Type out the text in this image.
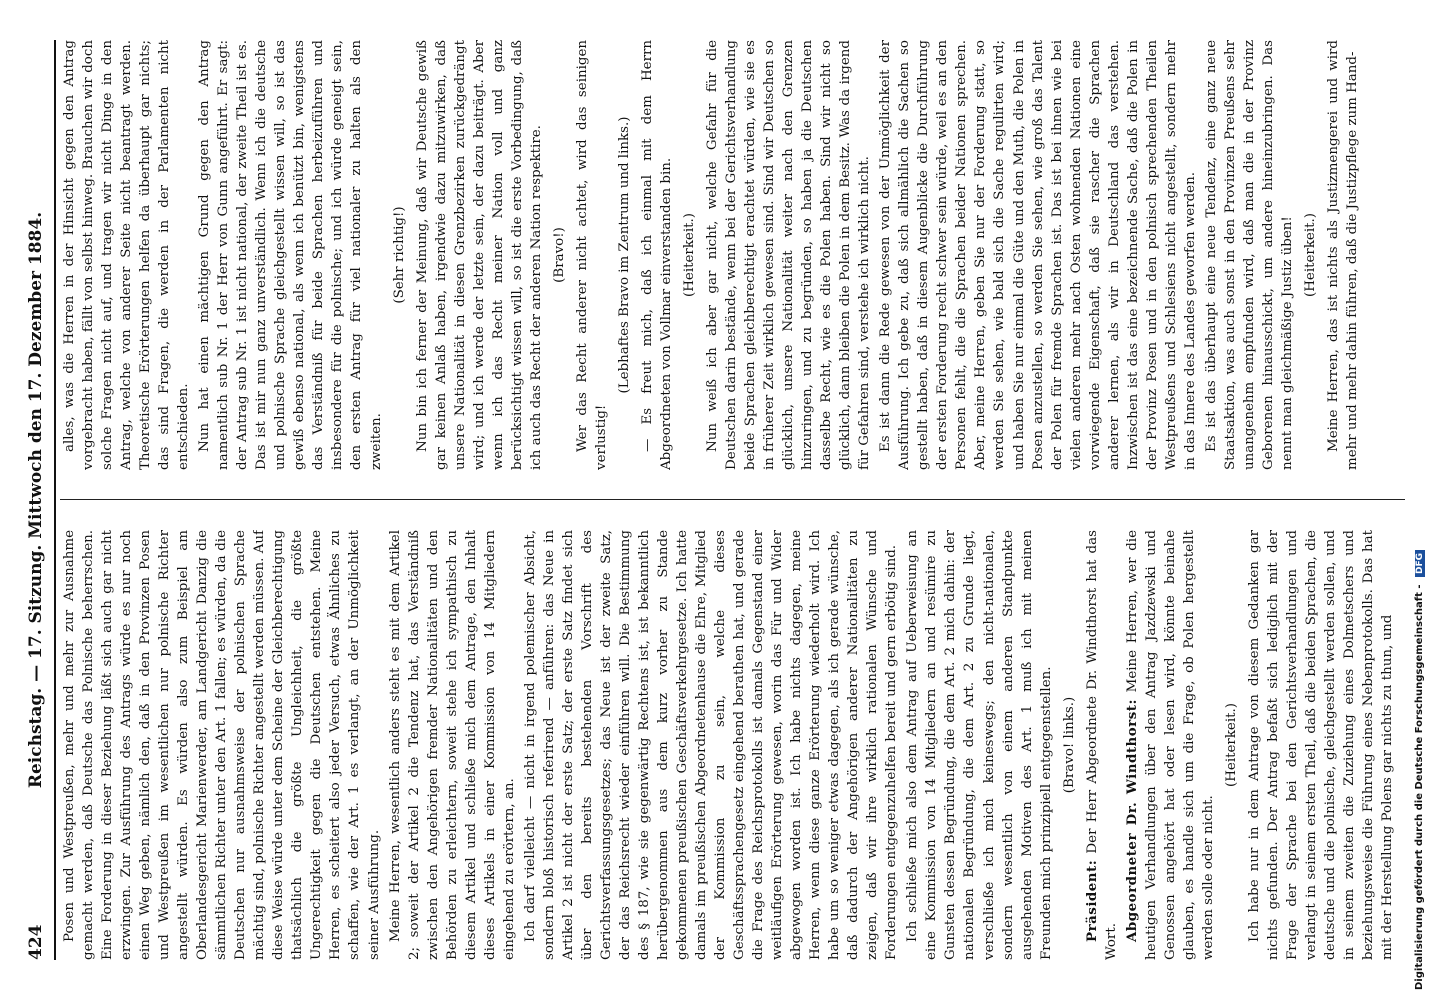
424
Reichstag. — 17. Sitzung. Mittwoch den 17. Dezember 1884. Posen und Westpreußen, mehr und mehr zur Ausnahme gemacht werden, daß Deutsche das Polnische beherrschen. Eine Forderung in dieser Beziehung läßt sich auch gar nicht erzwingen. Zur Ausführung des Antrags würde es nur noch einen Weg geben, nämlich den, daß in den Provinzen Posen und Westpreußen im wesentlichen nur polnische Richter angestellt würden. Es würden also zum Beispiel am Oberlandesgericht Marienwerder, am Landgericht Danzig die sämmtlichen Richter unter den Art. 1 fallen; es würden, da die Deutschen nur ausnahmsweise der polnischen Sprache mächtig sind, polnische Richter angestellt werden müssen. Auf diese Weise würde unter dem Scheine der Gleichberechtigung thatsächlich die größte Ungleichheit, die größte Ungerechtigkeit gegen die Deutschen entstehen. Meine Herren, es scheitert also jeder Versuch, etwas Ähnliches zu schaffen, wie der Art. 1 es verlangt, an der Unmöglichkeit seiner Ausführung. Meine Herren, wesentlich anders steht es mit dem Artikel 2; soweit der Artikel 2 die Tendenz hat, das Verständniß zwischen den Angehörigen fremder Nationalitäten und den Behörden zu erleichtern, soweit stehe ich sympathisch zu diesem Artikel und schließe mich dem Antrage, den Inhalt dieses Artikels in einer Kommission von 14 Mitgliedern eingehend zu erörtern, an. Ich darf vielleicht — nicht in irgend polemischer Absicht, sondern bloß historisch referirend — anführen: das Neue in Artikel 2 ist nicht der erste Satz; der erste Satz findet sich über den bereits bestehenden Vorschrift des Gerichtsverfassungsgesetzes; das Neue ist der zweite Satz, der das Reichsrecht wieder einführen will. Die Bestimmung des § 187, wie sie gegenwärtig Rechtens ist, ist bekanntlich herübergenommen aus dem kurz vorher zu Stande gekommenen preußischen Geschäftsverkehrgesetze. Ich hatte damals im preußischen Abgeordnetenhause die Ehre, Mitglied der Kommission zu sein, welche dieses Geschäftssprachengesetz eingehend berathen hat, und gerade die Frage des Reichsprotokolls ist damals Gegenstand einer weitläufigen Erörterung gewesen, worin das Für und Wider abgewogen worden ist. Ich habe nichts dagegen, meine Herren, wenn diese ganze Erörterung wiederholt wird. Ich habe um so weniger etwas dagegen, als ich gerade wünsche, daß dadurch der Angehörigen anderer Nationalitäten zu zeigen, daß wir ihre wirklich rationalen Wünsche und Forderungen entgegenzuhelfen bereit und gern erbötig sind. Ich schließe mich also dem Antrag auf Ueberweisung an eine Kommission von 14 Mitgliedern an und resümire zu Gunsten dessen Begründung, die dem Art. 2 mich dahin: der nationalen Begründung, die dem Art. 2 zu Grunde liegt, verschließe ich mich keineswegs; den nicht-nationalen, sondern wesentlich von einem anderen Standpunkte ausgehenden Motiven des Art. 1 muß ich mit meinen Freunden mich prinzipiell entgegenstellen. (Bravo! links.)

Präsident: Der Herr Abgeordnete Dr. Windthorst hat das Wort. Abgeordneter Dr. Windthorst: Meine Herren, wer die heutigen Verhandlungen über den Antrag Jazdzewski und Genossen angehört hat oder lesen wird, könnte beinahe glauben, es handle sich um die Frage, ob Polen hergestellt werden solle oder nicht.

(Heiterkeit.) Ich habe nur in dem Antrage von diesem Gedanken gar nichts gefunden. Der Antrag befaßt sich lediglich mit der Frage der Sprache bei den Gerichtsverhandlungen und verlangt in seinem ersten Theil, daß die beiden Sprachen, die deutsche und die polnische, gleichgestellt werden sollen, und in seinem zweiten die Zuziehung eines Dolmetschers und beziehungsweise die Führung eines Nebenprotokolls. Das hat mit der Herstellung Polens gar nichts zu thun, und

alles, was die Herren in der Hinsicht gegen den Antrag vorgebracht haben, fällt von selbst hinweg. Brauchen wir doch solche Fragen nicht auf, und tragen wir nicht Dinge in den Antrag, welche von anderer Seite nicht beantragt werden. Theoretische Erörterungen helfen da überhaupt gar nichts; das sind Fragen, die werden in der Parlamenten nicht entschieden. Nun hat einen mächtigen Grund gegen den Antrag namentlich sub Nr. 1 der Herr von Gunn angeführt. Er sagt: der Antrag sub Nr. 1 ist nicht national, der zweite Theil ist es. Das ist mir nun ganz unverständlich. Wenn ich die deutsche und polnische Sprache gleichgestellt wissen will, so ist das gewiß ebenso national, als wenn ich benützt bin, wenigstens das Verständniß für beide Sprachen herbeizuführen und insbesondere für die polnische; und ich würde geneigt sein, den ersten Antrag für viel nationaler zu halten als den zweiten.

(Sehr richtig!) Nun bin ich ferner der Meinung, daß wir Deutsche gewiß gar keinen Anlaß haben, irgendwie dazu mitzuwirken, daß unsere Nationalität in diesen Grenzbezirken zurückgedrängt wird; und ich werde der letzte sein, der dazu beiträgt. Aber wenn ich das Recht meiner Nation voll und ganz berücksichtigt wissen will, so ist die erste Vorbedingung, daß ich auch das Recht der anderen Nation respektire. (Bravo!) Wer das Recht anderer nicht achtet, wird das seinigen verlustig!

(Lebhaftes Bravo im Zentrum und links.) — Es freut mich, daß ich einmal mit dem Herrn Abgeordneten von Vollmar einverstanden bin. (Heiterkeit.) Nun weiß ich aber gar nicht, welche Gefahr für die Deutschen darin bestände, wenn bei der Gerichtsverhandlung beide Sprachen gleichberechtigt erachtet würden, wie sie es in früherer Zeit wirklich gewesen sind. Sind wir Deutschen so glücklich, unsere Nationalität weiter nach den Grenzen hinzuringen, und zu begründen, so haben ja die Deutschen dasselbe Recht, wie es die Polen haben. Sind wir nicht so glücklich, dann bleiben die Polen in dem Besitz. Was da irgend für Gefahren sind, verstehe ich wirklich nicht. Es ist dann die Rede gewesen von der Unmöglichkeit der Ausführung. Ich gebe zu, daß sich allmählich die Sachen so gestellt haben, daß in diesem Augenblicke die Durchführung der ersten Forderung recht schwer sein würde, weil es an den Personen fehlt, die die Sprachen beider Nationen sprechen. Aber, meine Herren, geben Sie nur der Forderung statt, so werden Sie sehen, wie bald sich die Sache regulirten wird; und haben Sie nur einmal die Güte und den Muth, die Polen in Posen anzustellen, so werden Sie sehen, wie groß das Talent der Polen für fremde Sprachen ist. Das ist bei ihnen wie bei vielen anderen mehr nach Osten wohnenden Nationen eine vorwiegende Eigenschaft, daß sie rascher die Sprachen anderer lernen, als wir in Deutschland das verstehen. Inzwischen ist das eine bezeichnende Sache, daß die Polen in der Provinz Posen und in den polnisch sprechenden Theilen Westpreußens und Schlesiens nicht angestellt, sondern mehr in das Innere des Landes geworfen werden. Es ist das überhaupt eine neue Tendenz, eine ganz neue Staatsaktion, was auch sonst in den Provinzen Preußens sehr unangenehm empfunden wird, daß man die in der Provinz Geborenen hinausschickt, um andere hineinzubringen. Das nennt man gleichmäßige Justiz üben! (Heiterkeit.) Meine Herren, das ist nichts als Justizmengerei und wird mehr und mehr dahin führen, daß die Justizpflege zum Hand-

Digitalisierung gefördert durch die Deutsche Forschungsgemeinschaft - DFG
